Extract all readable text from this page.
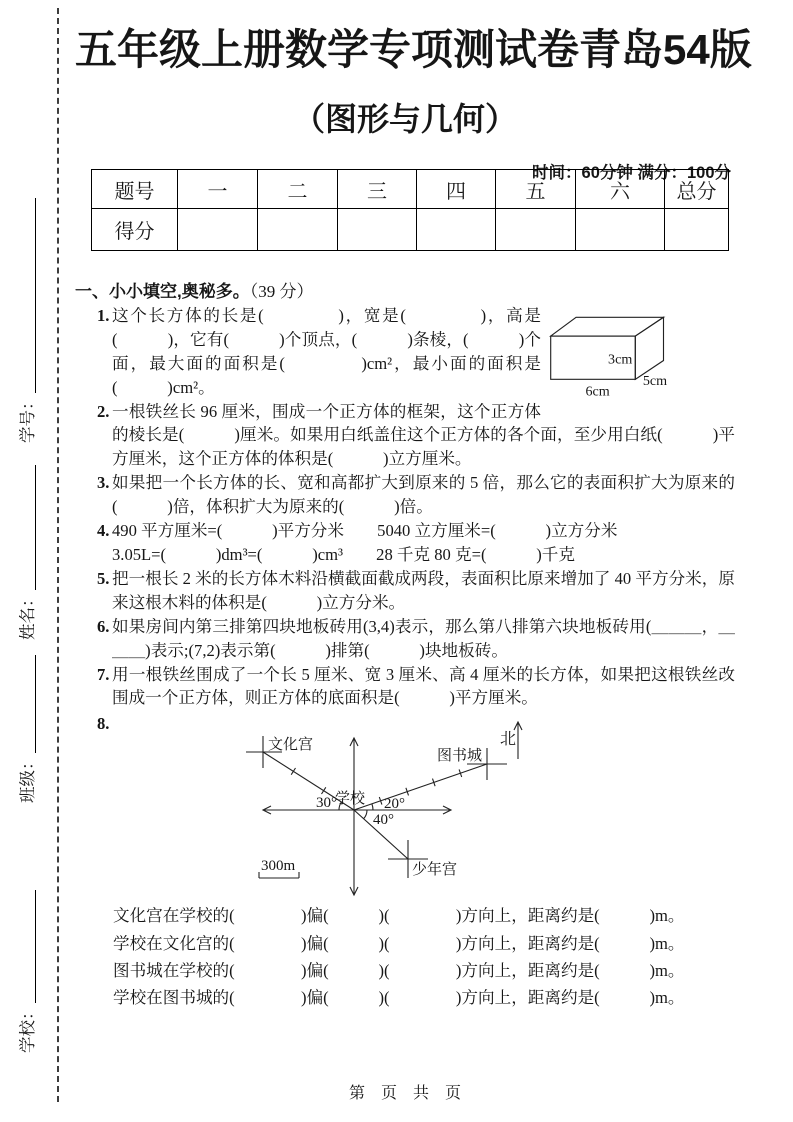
学号：
姓名：
班级：
学校：
五年级上册数学专项测试卷青岛54版
（图形与几何）
时间：60分钟 满分：100分
题号	一	二	三	四	五	六	总分
得分							
一、小小填空,奥秘多。（39 分）
1.
3cm
6cm
5cm
这个长方体的长是(　　　　)，宽是(　　　　)，高是(　　　)，它有(　　　)个顶点，(　　　)条棱，(　　　)个面，最大面的面积是(　　　　)cm²，最小面的面积是(　　　)cm²。
2. 一根铁丝长 96 厘米，围成一个正方体的框架，这个正方体的棱长是(　　　)厘米。如果用白纸盖住这个正方体的各个面，至少用白纸(　　　)平方厘米，这个正方体的体积是(　　　)立方厘米。
3. 如果把一个长方体的长、宽和高都扩大到原来的 5 倍，那么它的表面积扩大为原来的(　　　)倍，体积扩大为原来的(　　　)倍。
4. 490 平方厘米=(　　　)平方分米　　5040 立方厘米=(　　　)立方分米
3.05L=(　　　)dm³=(　　　)cm³　　28 千克 80 克=(　　　)千克
5. 把一根长 2 米的长方体木料沿横截面截成两段，表面积比原来增加了 40 平方分米，原来这根木料的体积是(　　　)立方分米。
6. 如果房间内第三排第四块地板砖用(3,4)表示，那么第八排第六块地板砖用(＿＿＿，＿＿＿)表示;(7,2)表示第(　　　)排第(　　　)块地板砖。
7. 用一根铁丝围成了一个长 5 厘米、宽 3 厘米、高 4 厘米的长方体，如果把这根铁丝改围成一个正方体，则正方体的底面积是(　　　)平方厘米。
8.
北
学校
文化宫
图书城
少年宫
30°	20°
40°
300m
文化宫在学校的(　　　　)偏(　　　)(　　　　)方向上，距离约是(　　　)m。
学校在文化宫的(　　　　)偏(　　　)(　　　　)方向上，距离约是(　　　)m。
图书城在学校的(　　　　)偏(　　　)(　　　　)方向上，距离约是(　　　)m。
学校在图书城的(　　　　)偏(　　　)(　　　　)方向上，距离约是(　　　)m。
第　页　共　页
